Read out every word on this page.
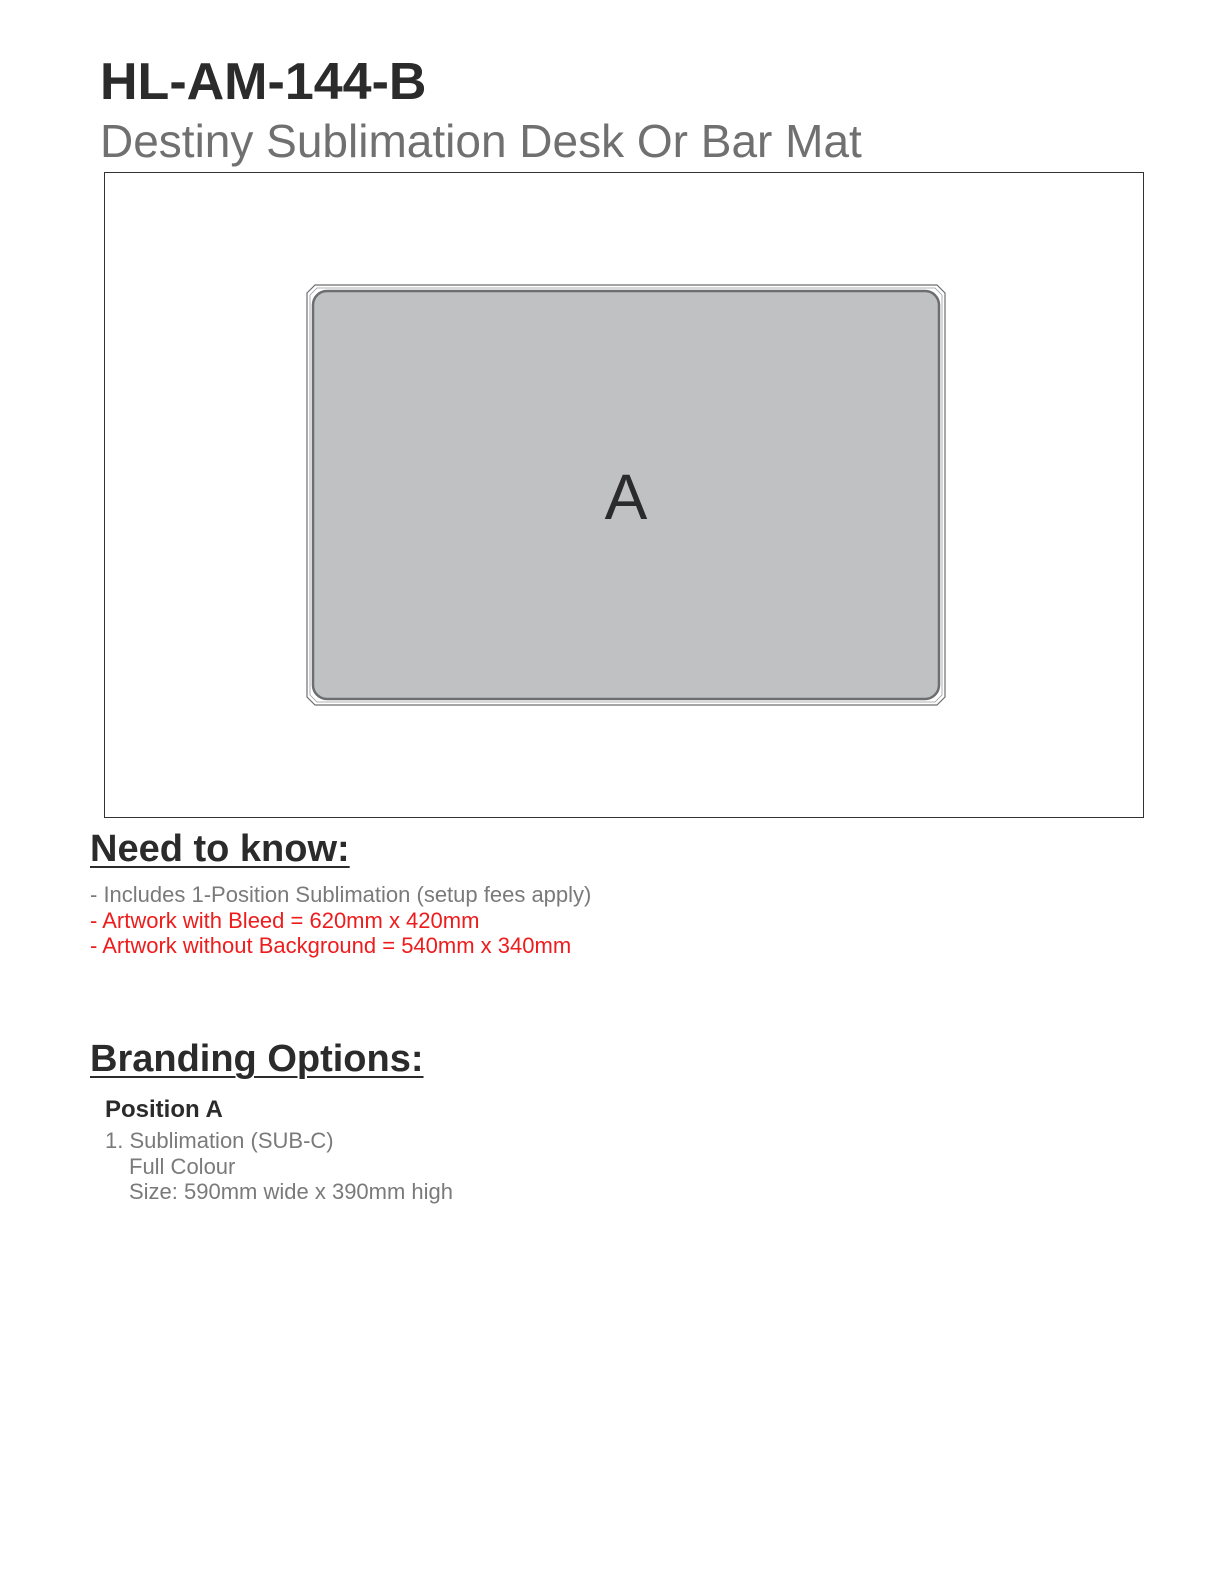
HL-AM-144-B
Destiny Sublimation Desk Or Bar Mat
A
Need to know:
- Includes 1-Position Sublimation (setup fees apply)
- Artwork with Bleed = 620mm x 420mm
- Artwork without Background = 540mm x 340mm
Branding Options:
Position A
1. Sublimation (SUB-C)
Full Colour
Size: 590mm wide x 390mm high
